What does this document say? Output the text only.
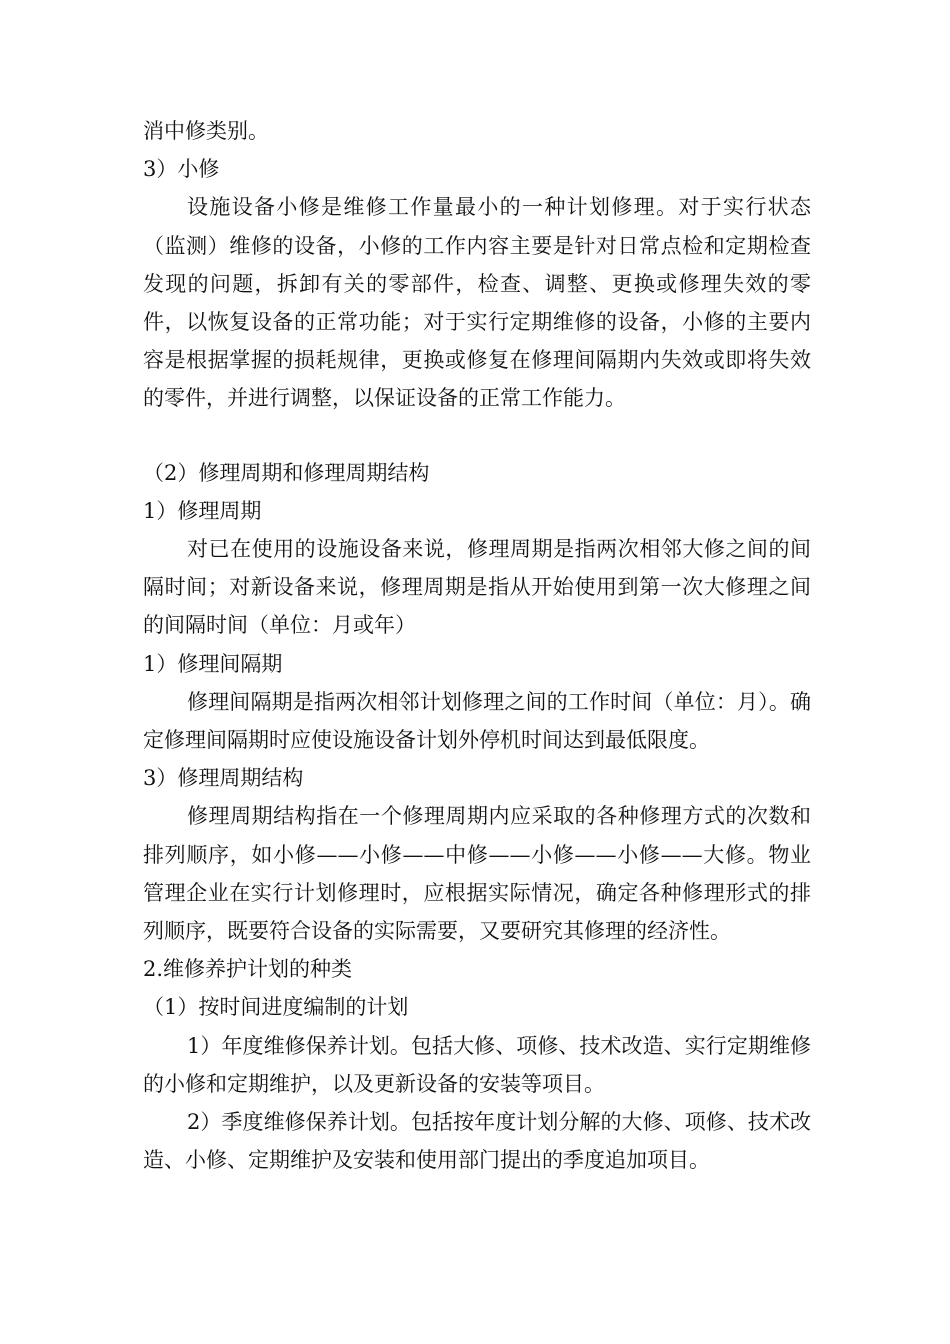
消中修类别。

3）小修

设施设备小修是维修工作量最小的一种计划修理。对于实行状态（监测）维修的设备，小修的工作内容主要是针对日常点检和定期检查发现的问题，拆卸有关的零部件，检查、调整、更换或修理失效的零件，以恢复设备的正常功能；对于实行定期维修的设备，小修的主要内容是根据掌握的损耗规律，更换或修复在修理间隔期内失效或即将失效的零件，并进行调整，以保证设备的正常工作能力。

（2）修理周期和修理周期结构

1）修理周期

对已在使用的设施设备来说，修理周期是指两次相邻大修之间的间隔时间；对新设备来说，修理周期是指从开始使用到第一次大修理之间的间隔时间（单位：月或年）

1）修理间隔期

修理间隔期是指两次相邻计划修理之间的工作时间（单位：月）。确定修理间隔期时应使设施设备计划外停机时间达到最低限度。

3）修理周期结构

修理周期结构指在一个修理周期内应采取的各种修理方式的次数和排列顺序，如小修——小修——中修——小修——小修——大修。物业管理企业在实行计划修理时，应根据实际情况，确定各种修理形式的排列顺序，既要符合设备的实际需要，又要研究其修理的经济性。

2.维修养护计划的种类

（1）按时间进度编制的计划

1）年度维修保养计划。包括大修、项修、技术改造、实行定期维修的小修和定期维护，以及更新设备的安装等项目。

2）季度维修保养计划。包括按年度计划分解的大修、项修、技术改造、小修、定期维护及安装和使用部门提出的季度追加项目。
